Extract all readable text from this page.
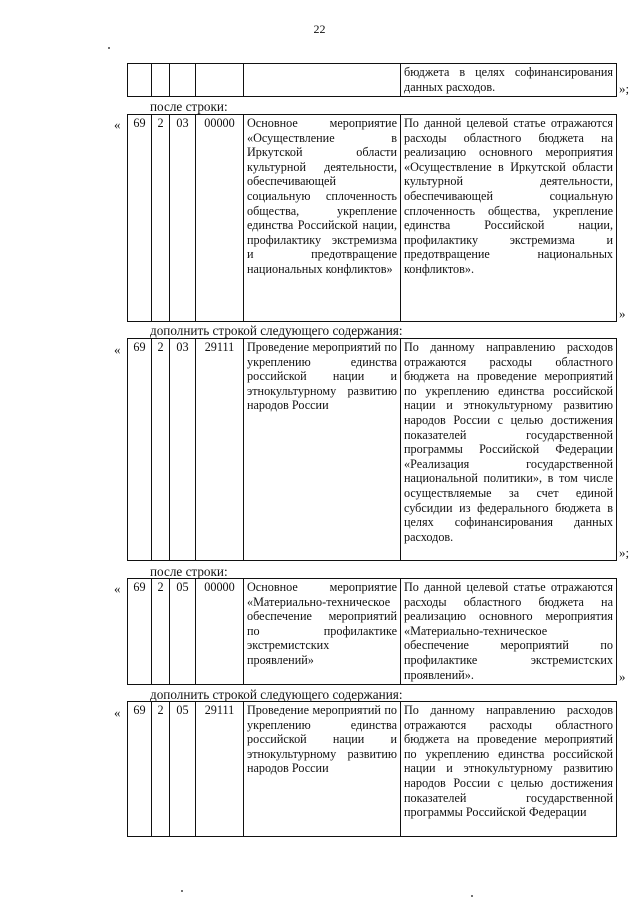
22
					бюджета в целях софинансирования данных расходов.	»;
после строки:
« 69	2	03	00000	Основное мероприятие «Осуществление в Иркутской области культурной деятельности, обеспечивающей социальную сплоченность общества, укрепление единства Российской нации, профилактику экстремизма и предотвращение национальных конфликтов»	По данной целевой статье отражаются расходы областного бюджета на реализацию основного мероприятия «Осуществление в Иркутской области культурной деятельности, обеспечивающей социальную сплоченность общества, укрепление единства Российской нации, профилактику экстремизма и предотвращение национальных конфликтов».
»
дополнить строкой следующего содержания:
« 69	2	03	29111	Проведение мероприятий по укреплению единства российской нации и этнокультурному развитию народов России	По данному направлению расходов отражаются расходы областного бюджета на проведение мероприятий по укреплению единства российской нации и этнокультурному развитию народов России с целью достижения показателей государственной программы Российской Федерации «Реализация государственной национальной политики», в том числе осуществляемые за счет единой субсидии из федерального бюджета в целях софинансирования данных расходов.
»;
после строки:
« 69	2	05	00000	Основное мероприятие «Материально-техническое обеспечение мероприятий по профилактике экстремистских проявлений»	По данной целевой статье отражаются расходы областного бюджета на реализацию основного мероприятия «Материально-техническое обеспечение мероприятий по профилактике экстремистских проявлений».	»
дополнить строкой следующего содержания:
« 69	2	05	29111	Проведение мероприятий по укреплению единства российской нации и этнокультурному развитию народов России	По данному направлению расходов отражаются расходы областного бюджета на проведение мероприятий по укреплению единства российской нации и этнокультурному развитию народов России с целью достижения показателей государственной программы Российской Федерации
